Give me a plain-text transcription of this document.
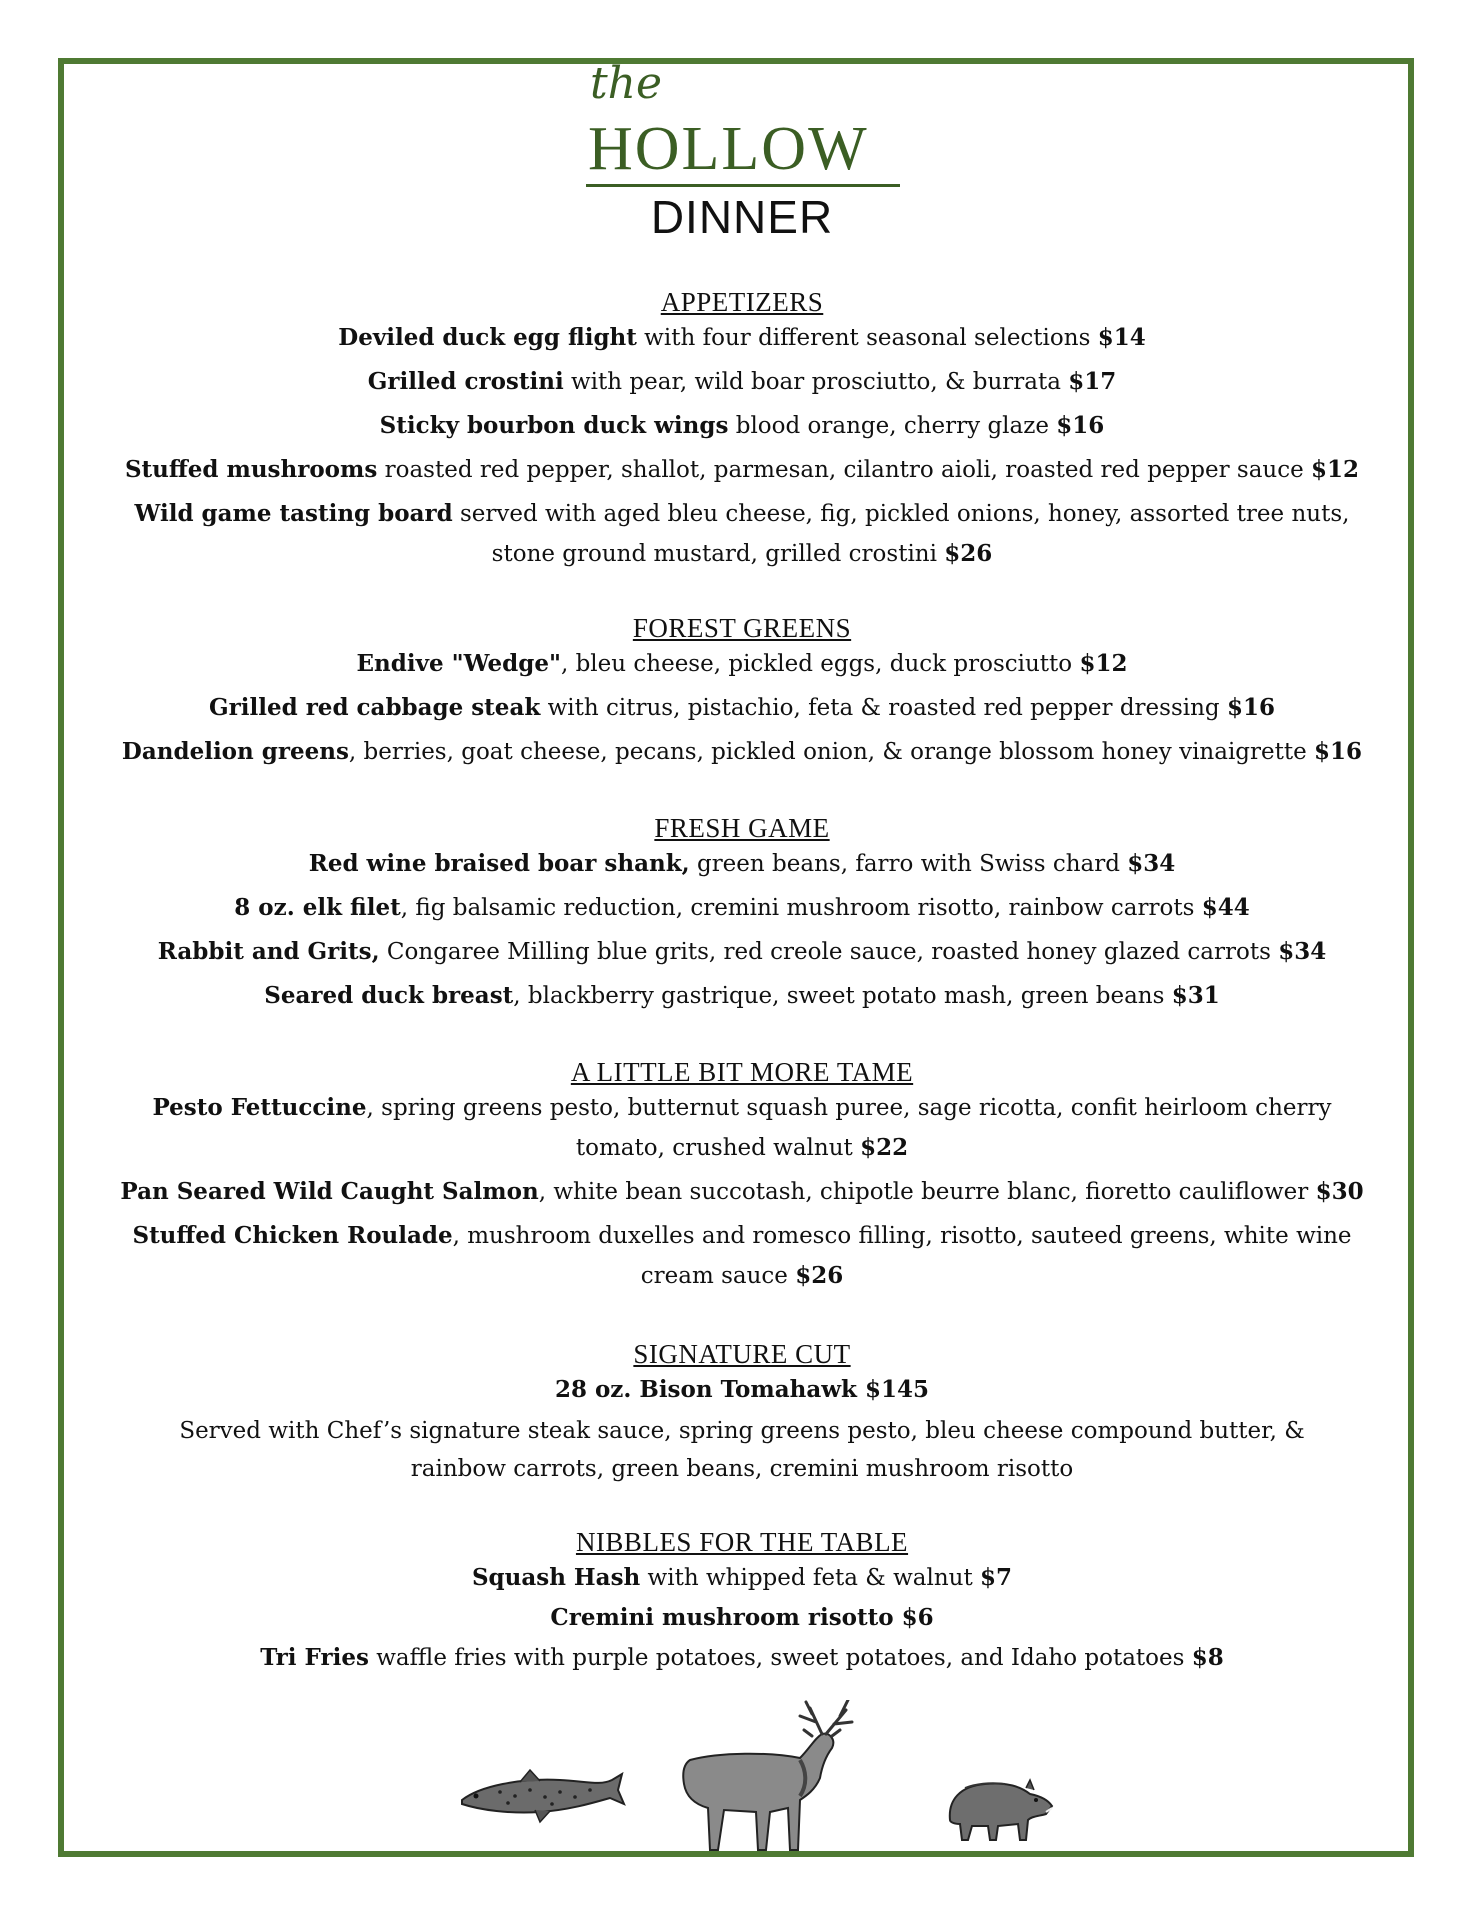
the
HOLLOW
DINNER

APPETIZERS

Deviled duck egg flight with four different seasonal selections $14

Grilled crostini with pear, wild boar prosciutto, & burrata $17

Sticky bourbon duck wings blood orange, cherry glaze $16

Stuffed mushrooms roasted red pepper, shallot, parmesan, cilantro aioli, roasted red pepper sauce $12

Wild game tasting board served with aged bleu cheese, fig, pickled onions, honey, assorted tree nuts, stone ground mustard, grilled crostini $26

FOREST GREENS

Endive "Wedge", bleu cheese, pickled eggs, duck prosciutto $12

Grilled red cabbage steak with citrus, pistachio, feta & roasted red pepper dressing $16

Dandelion greens, berries, goat cheese, pecans, pickled onion, & orange blossom honey vinaigrette $16

FRESH GAME

Red wine braised boar shank, green beans, farro with Swiss chard $34

8 oz. elk filet, fig balsamic reduction, cremini mushroom risotto, rainbow carrots $44

Rabbit and Grits, Congaree Milling blue grits, red creole sauce, roasted honey glazed carrots $34

Seared duck breast, blackberry gastrique, sweet potato mash, green beans $31

A LITTLE BIT MORE TAME

Pesto Fettuccine, spring greens pesto, butternut squash puree, sage ricotta, confit heirloom cherry tomato, crushed walnut $22

Pan Seared Wild Caught Salmon, white bean succotash, chipotle beurre blanc, fioretto cauliflower $30

Stuffed Chicken Roulade, mushroom duxelles and romesco filling, risotto, sauteed greens, white wine cream sauce $26

SIGNATURE CUT

28 oz. Bison Tomahawk $145

Served with Chef’s signature steak sauce, spring greens pesto, bleu cheese compound butter, & rainbow carrots, green beans, cremini mushroom risotto

NIBBLES FOR THE TABLE

Squash Hash with whipped feta & walnut $7

Cremini mushroom risotto $6

Tri Fries waffle fries with purple potatoes, sweet potatoes, and Idaho potatoes $8
